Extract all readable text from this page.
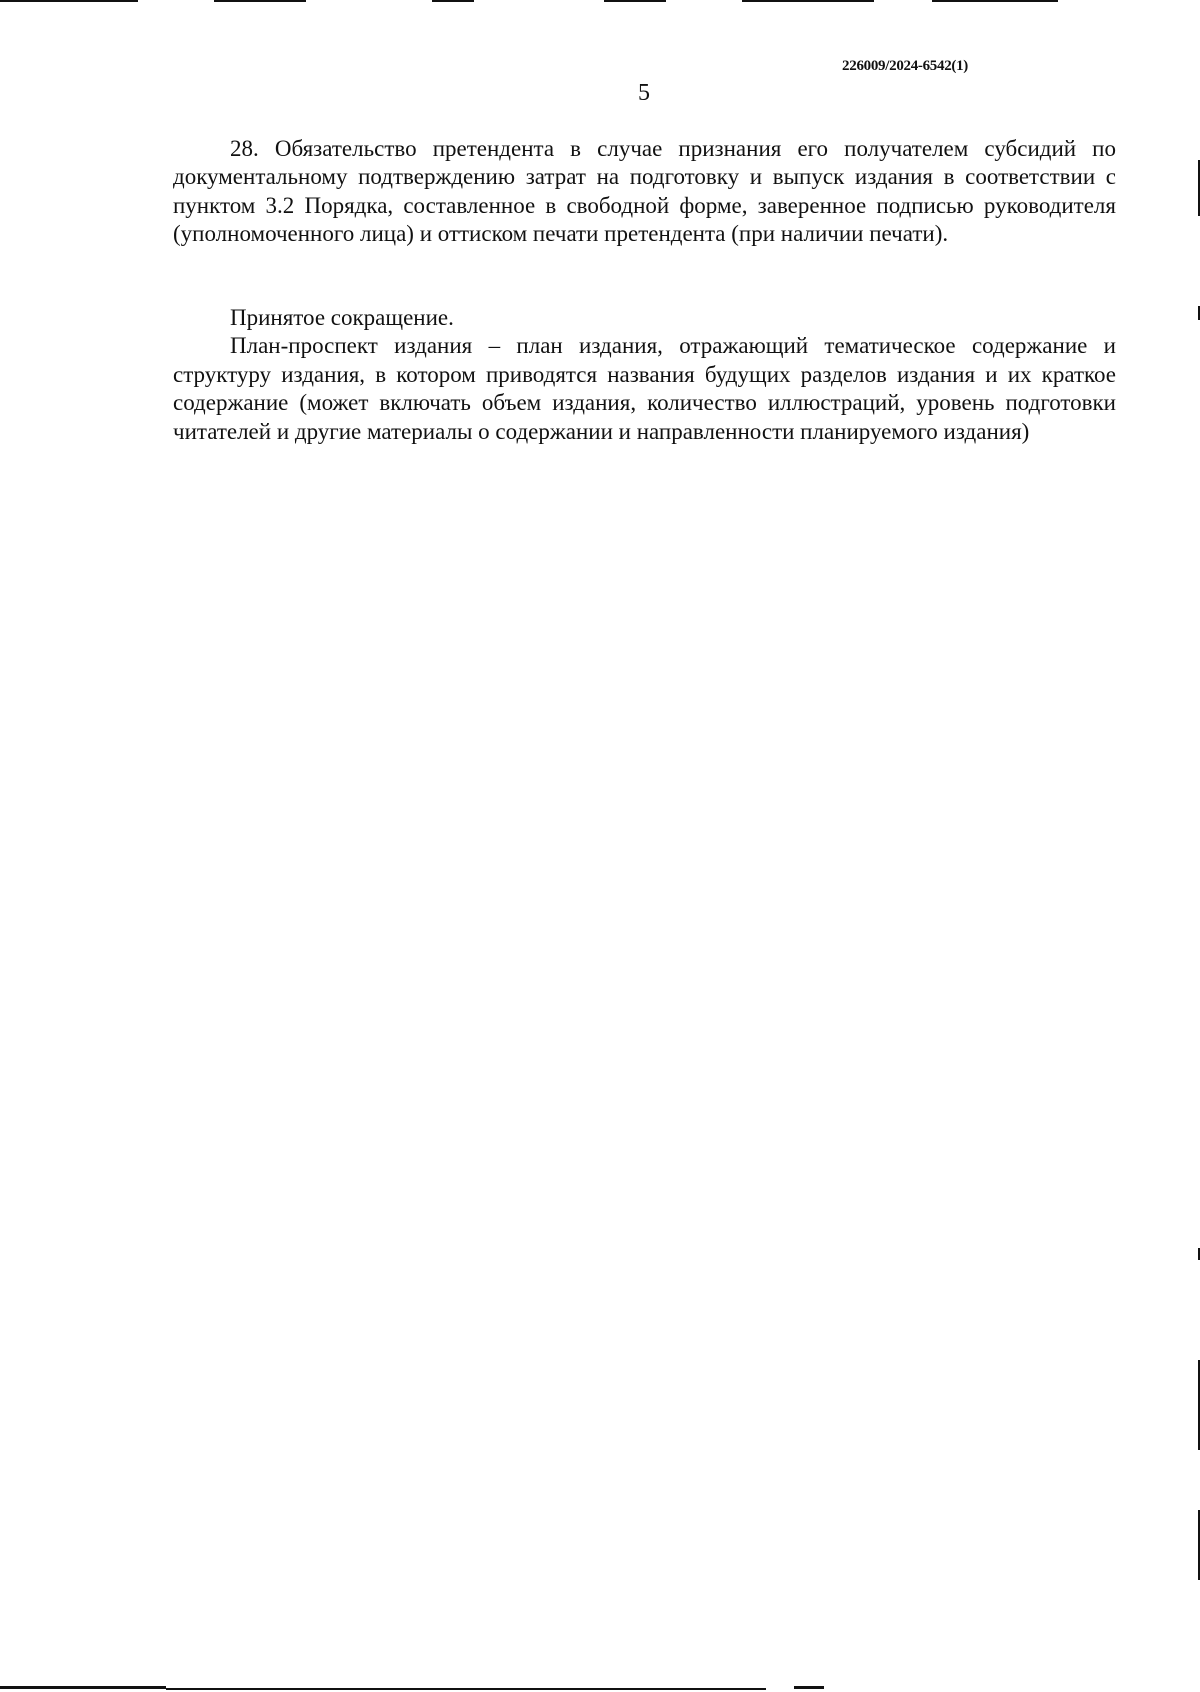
226009/2024-6542(1)
5

28. Обязательство претендента в случае признания его получателем субсидий по документальному подтверждению затрат на подготовку и выпуск издания в соответствии с пунктом 3.2 Порядка, составленное в свободной форме, заверенное подписью руководителя (уполномоченного лица) и оттиском печати претендента (при наличии печати).

Принятое сокращение.

План-проспект издания – план издания, отражающий тематическое содержание и структуру издания, в котором приводятся названия будущих разделов издания и их краткое содержание (может включать объем издания, количество иллюстраций, уровень подготовки читателей и другие материалы о содержании и направленности планируемого издания)
